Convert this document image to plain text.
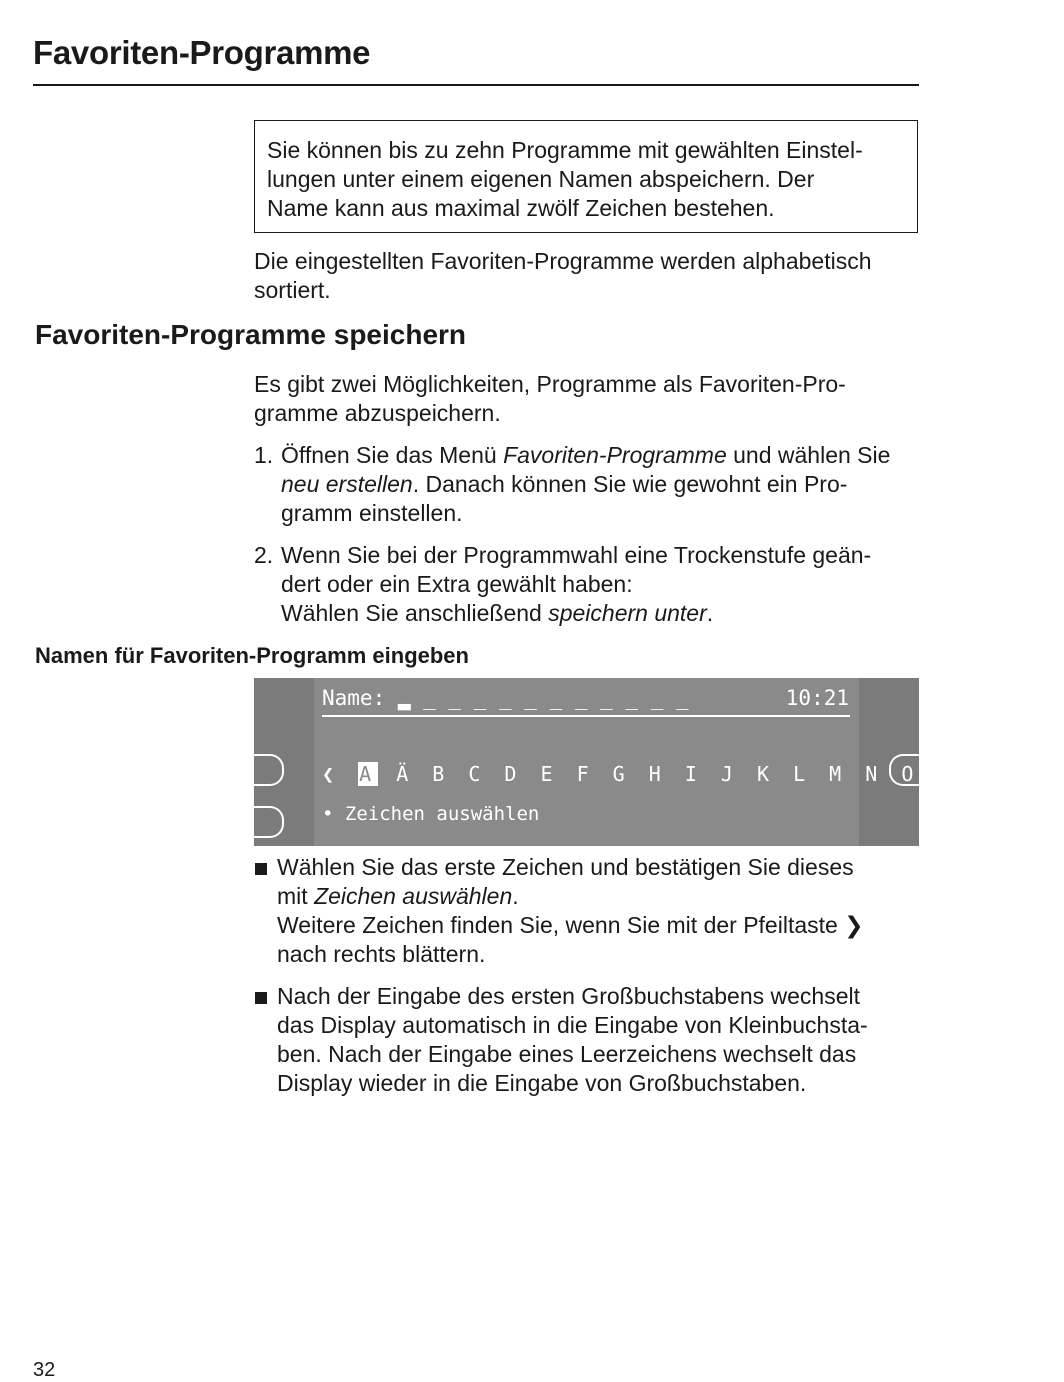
Favoriten-Programme
Sie können bis zu zehn Programme mit gewählten Einstel-
lungen unter einem eigenen Namen abspeichern. Der
Name kann aus maximal zwölf Zeichen bestehen.
Die eingestellten Favoriten-Programme werden alphabetisch
sortiert.
Favoriten-Programme speichern
Es gibt zwei Möglichkeiten, Programme als Favoriten-Pro-
gramme abzuspeichern.
1. Öffnen Sie das Menü Favoriten-Programme und wählen Sie
neu erstellen. Danach können Sie wie gewohnt ein Pro-
gramm einstellen.
2. Wenn Sie bei der Programmwahl eine Trockenstufe geän-
dert oder ein Extra gewählt haben:
Wählen Sie anschließend speichern unter.
Namen für Favoriten-Programm eingeben
Name: ▂ _ _ _ _ _ _ _ _ _ _ _	10:21
❮ A Ä B C D E F G H I J K L M N O Ö P Q ❯
• Zeichen auswählen
Wählen Sie das erste Zeichen und bestätigen Sie dieses
mit Zeichen auswählen.
Weitere Zeichen finden Sie, wenn Sie mit der Pfeiltaste ❯
nach rechts blättern.
Nach der Eingabe des ersten Großbuchstabens wechselt
das Display automatisch in die Eingabe von Kleinbuchsta-
ben. Nach der Eingabe eines Leerzeichens wechselt das
Display wieder in die Eingabe von Großbuchstaben.
32
